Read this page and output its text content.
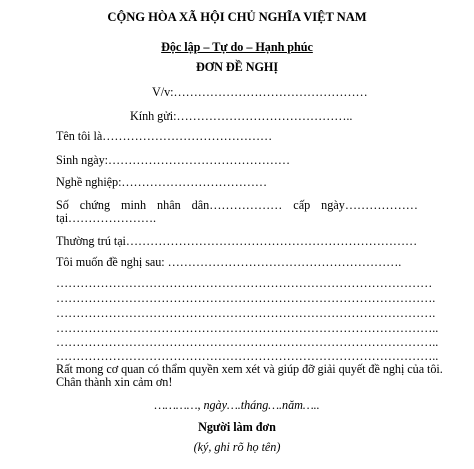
CỘNG HÒA XÃ HỘI CHỦ NGHĨA VIỆT NAM
Độc lập – Tự do – Hạnh phúc
ĐƠN ĐỀ NGHỊ
V/v:…………………………………………
Kính gửi:……………………………………..
Tên tôi là……………………………………
Sinh ngày:………………………………………
Nghề nghiệp:………………………………
Số chứng minh nhân dân……………… cấp ngày………………
tại………………….
Thường trú tại………………………………………………………………
Tôi muốn đề nghị sau: ………………………………………………….
…………………………………………………………………………………
………………………………………………………………………………….
………………………………………………………………………………….
…………………………………………………………………………………..
…………………………………………………………………………………..
…………………………………………………………………………………..
Rất mong cơ quan có thẩm quyền xem xét và giúp đỡ giải quyết đề nghị của tôi.
Chân thành xin cảm ơn!
…………, ngày….tháng….năm…..
Người làm đơn
(ký, ghi rõ họ tên)
